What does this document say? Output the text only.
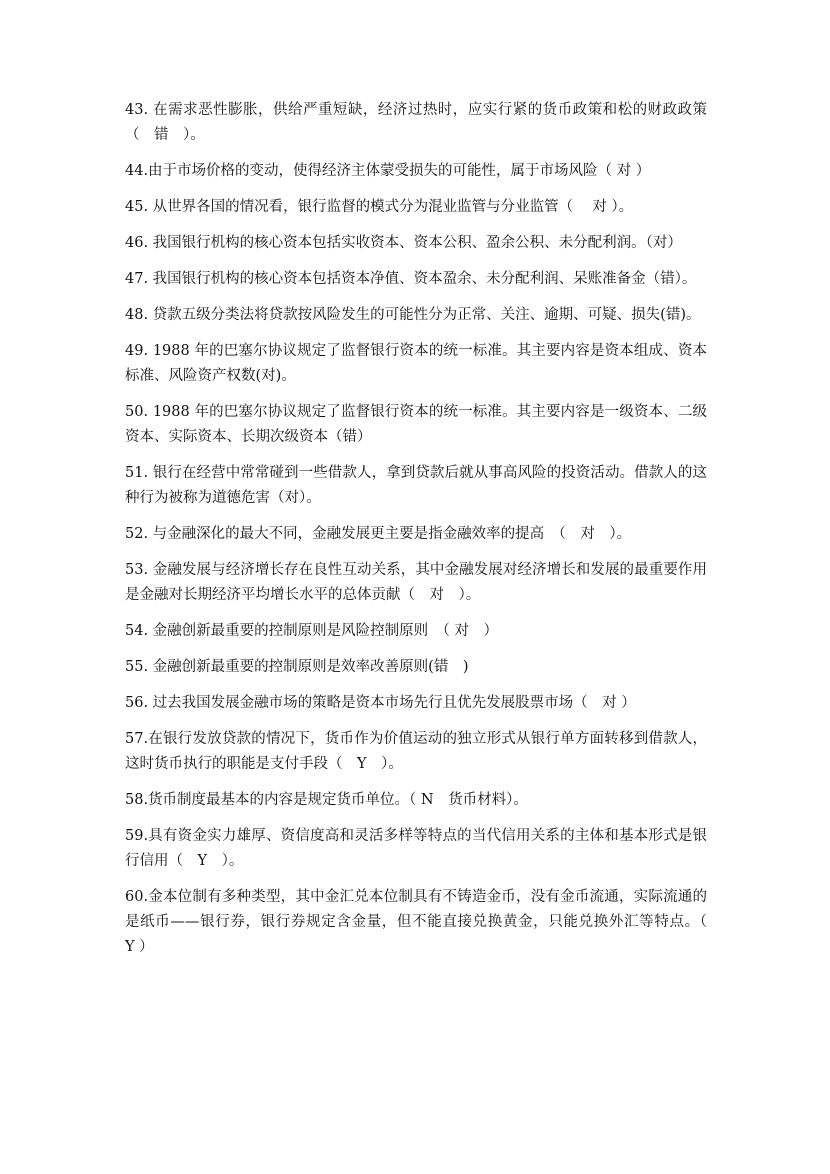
43. 在需求恶性膨胀，供给严重短缺，经济过热时，应实行紧的货币政策和松的财政政策　（　错　）。

44.由于市场价格的变动，使得经济主体蒙受损失的可能性，属于市场风险（ 对 ）

45. 从世界各国的情况看，银行监督的模式分为混业监管与分业监管（　 对 ）。

46. 我国银行机构的核心资本包括实收资本、资本公积、盈余公积、未分配利润。（对）

47. 我国银行机构的核心资本包括资本净值、资本盈余、未分配利润、呆账准备金（错）。

48. 贷款五级分类法将贷款按风险发生的可能性分为正常、关注、逾期、可疑、损失(错)。

49. 1988 年的巴塞尔协议规定了监督银行资本的统一标准。其主要内容是资本组成、资本标准、风险资产权数(对)。

50. 1988 年的巴塞尔协议规定了监督银行资本的统一标准。其主要内容是一级资本、二级资本、实际资本、长期次级资本（错）

51. 银行在经营中常常碰到一些借款人，拿到贷款后就从事高风险的投资活动。借款人的这种行为被称为道德危害（对）。

52. 与金融深化的最大不同，金融发展更主要是指金融效率的提高　（　对　）。

53. 金融发展与经济增长存在良性互动关系，其中金融发展对经济增长和发展的最重要作用是金融对长期经济平均增长水平的总体贡献（　对　）。

54. 金融创新最重要的控制原则是风险控制原则　（ 对　）

55. 金融创新最重要的控制原则是效率改善原则(错　)

56. 过去我国发展金融市场的策略是资本市场先行且优先发展股票市场（　对 ）

57.在银行发放贷款的情况下，货币作为价值运动的独立形式从银行单方面转移到借款人，这时货币执行的职能是支付手段（　Y　）。

58.货币制度最基本的内容是规定货币单位。（ N　货币材料）。

59.具有资金实力雄厚、资信度高和灵活多样等特点的当代信用关系的主体和基本形式是银行信用（　Y　）。

60.金本位制有多种类型，其中金汇兑本位制具有不铸造金币，没有金币流通，实际流通的是纸币——银行券，银行券规定含金量，但不能直接兑换黄金，只能兑换外汇等特点。（　 Y ）
